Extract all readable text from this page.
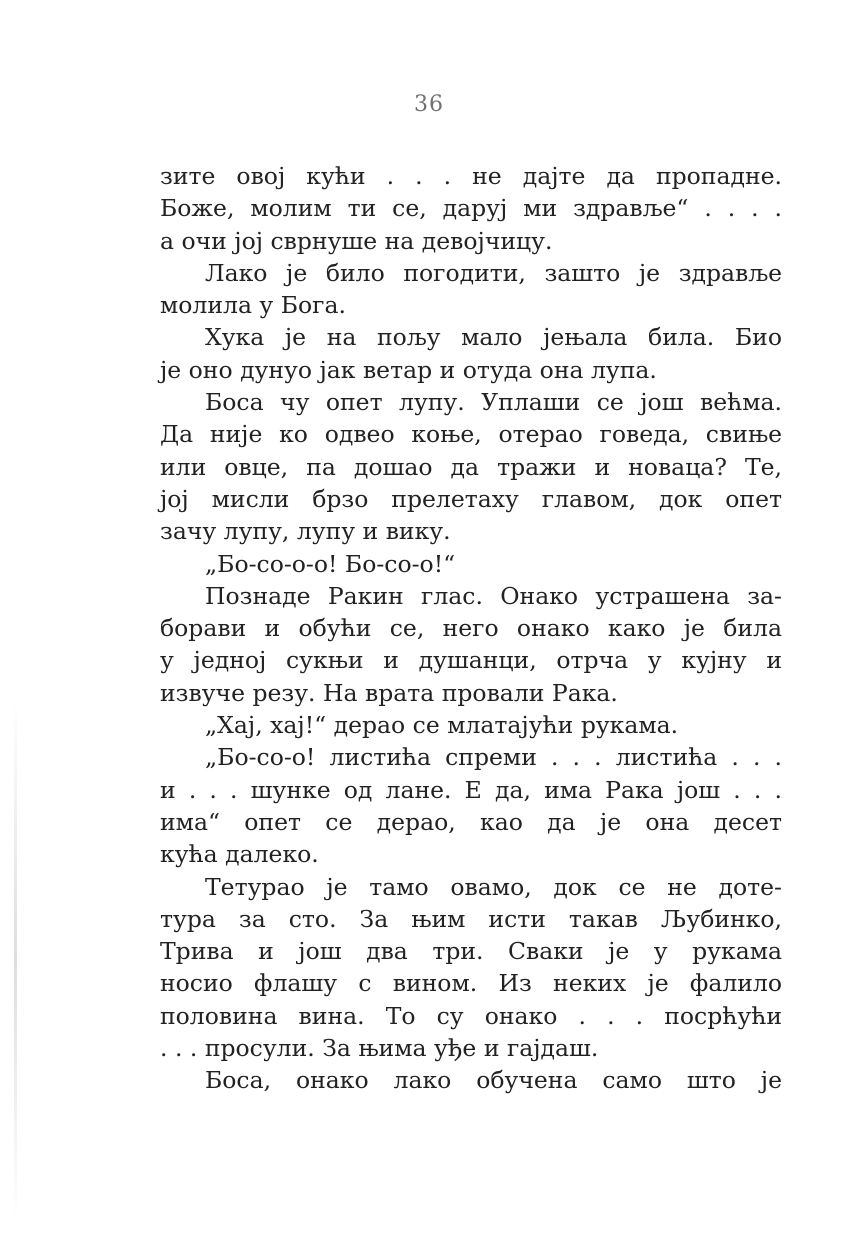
36
зите овој кући . . . не дајте да пропадне.
Боже, молим ти се, даруј ми здравље“ . . . .
а очи јој сврнуше на девојчицу.
Лако је било погодити, зашто је здравље
молила у Бога.
Хука је на пољу мало јењала била. Био
је оно дунуо јак ветар и отуда она лупа.
Боса чу опет лупу. Уплаши се још већма.
Да није ко одвео коње, отерао говеда, свиње
или овце, па дошао да тражи и новаца? Те,
јој мисли брзо прелетаху главом, док опет
зачу лупу, лупу и вику.
„Бо-со-о-о! Бо-со-о!“
Познаде Ракин глас. Онако устрашена за-
борави и обући се, него онако како је била
у једној сукњи и душанци, отрча у кујну и
извуче резу. На врата провали Рака.
„Хај, хај!“ дерао се млатајући рукама.
„Бо-со-о! листића спреми . . . листића . . .
и . . . шунке од лане. Е да, има Рака још . . .
има“ опет се дерао, као да је она десет
кућа далеко.
Тетурао је тамо овамо, док се не доте-
тура за сто. За њим исти такав Љубинко,
Трива и још два три. Сваки је у рукама
носио флашу с вином. Из неких је фалило
половина вина. То су онако . . . посрћући
. . . просули. За њима уђе и гајдаш.
Боса, онако лако обучена само што је
